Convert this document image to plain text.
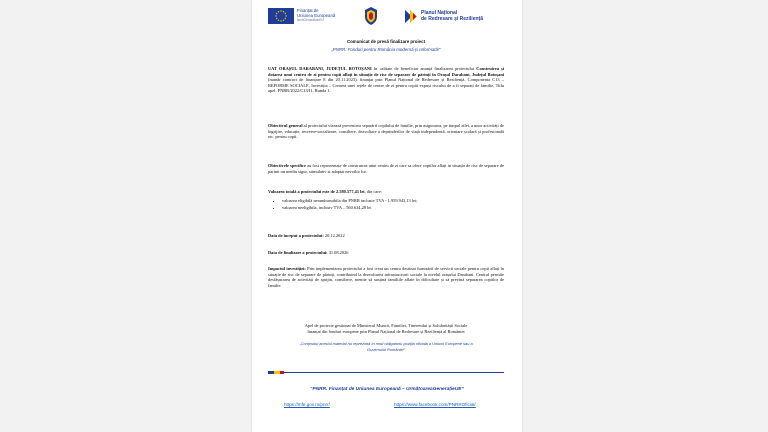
Finanțat de
Uniunea Europeană
NextGenerationEU
Planul Național
de Redresare și Reziliență

Comunicat de presă finalizare proiect

„PNRR: Fonduri pentru România modernă și reformată!”

UAT ORAȘUL DARABANI, JUDEȚUL BOTOȘANI în calitate de beneficiar anunță finalizarea proiectului Construirea și dotarea unui centru de zi pentru copii aflați în situație de risc de separare de părinți în Orașul Darabani, Județul Botoșani (numår contract de finanțare 8 din 20.11.2023), finanțat prin Planul Național de Redresare și Reziliență, Componenta C13 – REFORME SOCIALE, Investiția – Crearea unei rețele de centre de zi pentru copiii expuși riscului de a fi separați de familie, Titlu apel: PNRR/2022/C13/I1, Runda 1.

Obiectivul general al proiectului vizează prevenirea separării copilului de familie, prin asigurarea, pe timpul zilei, a unor activități de îngrijire, educație, recreere-socializare, consiliere, dezvoltare a deprinderilor de viață independentă, orientare școlară și profesională etc. pentru copii.

Obiectivele specifice au fost reprezentate de construirea unui centru de zi care sa ofere copiilor aflați in situația de risc de separare de parinti un mediu sigur, stimulativ si adaptat nevoilor lor.

Valoarea totală a proiectului este de 2.580.577,41 lei, din care:

• valoarea eligibilă nerambursabila din PNRR inclusiv TVA - 1.959.943,13 lei;
• valoarea neeligibila, inclusiv TVA – 560.634,28 lei

Data de început a proiectului: 20.12.2022

Data de finalizare a proiectului: 31.08.2026

Impactul investiției: Prin implementarea proiectului a fost creat un centru destinat furnizării de servicii sociale pentru copii aflați în situație de risc de separare de părinți, contribuind la dezvoltarea infrastructurii sociale la nivelul orașului Darabani. Centrul permite desfășurarea de activități de sprijin, consiliere, menite să susțină familiile aflate în dificultate și să prevină separarea copiilor de familie.

Apel de proiecte gestionat de Ministerul Muncii, Familiei, Tineretului și Solidarității Sociale

finanțat din fonduri europene prin Planul Național de Redresare și Reziliență al României

„Conținutul acestui material nu reprezintă în mod obligatoriu poziția oficială a Uniunii Europene sau a

Guvernului României”

“PNRR. Finanțat de Uniunea Europeană – UrmătoareaGenerațieUE”
https://mfe.gov.ro/pnrr/	https://www.facebook.com/PNRROficial/
